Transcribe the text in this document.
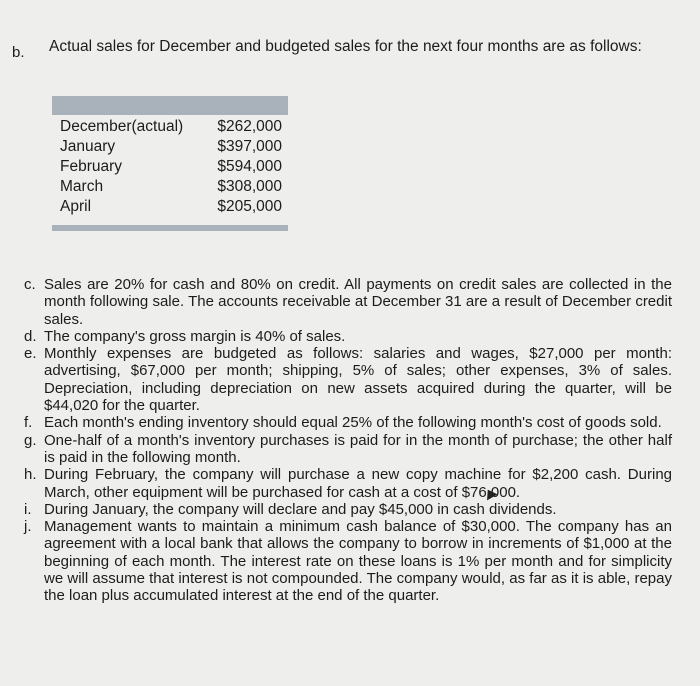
b. Actual sales for December and budgeted sales for the next four months are as follows:
December(actual) $262,000
January	$397,000
February	$594,000
March	$308,000
April	$205,000
c. Sales are 20% for cash and 80% on credit. All payments on credit sales are collected in the month following sale. The accounts receivable at December 31 are a result of December credit sales.
d. The company's gross margin is 40% of sales.
e. Monthly expenses are budgeted as follows: salaries and wages, $27,000 per month: advertising, $67,000 per month; shipping, 5% of sales; other expenses, 3% of sales. Depreciation, including depreciation on new assets acquired during the quarter, will be $44,020 for the quarter.
f. Each month's ending inventory should equal 25% of the following month's cost of goods sold.
g. One-half of a month's inventory purchases is paid for in the month of purchase; the other half is paid in the following month.
h. During February, the company will purchase a new copy machine for $2,200 cash. During March, other equipment will be purchased for cash at a cost of $76,000.
i. During January, the company will declare and pay $45,000 in cash dividends.
j. Management wants to maintain a minimum cash balance of $30,000. The company has an agreement with a local bank that allows the company to borrow in increments of $1,000 at the beginning of each month. The interest rate on these loans is 1% per month and for simplicity we will assume that interest is not compounded. The company would, as far as it is able, repay the loan plus accumulated interest at the end of the quarter.
